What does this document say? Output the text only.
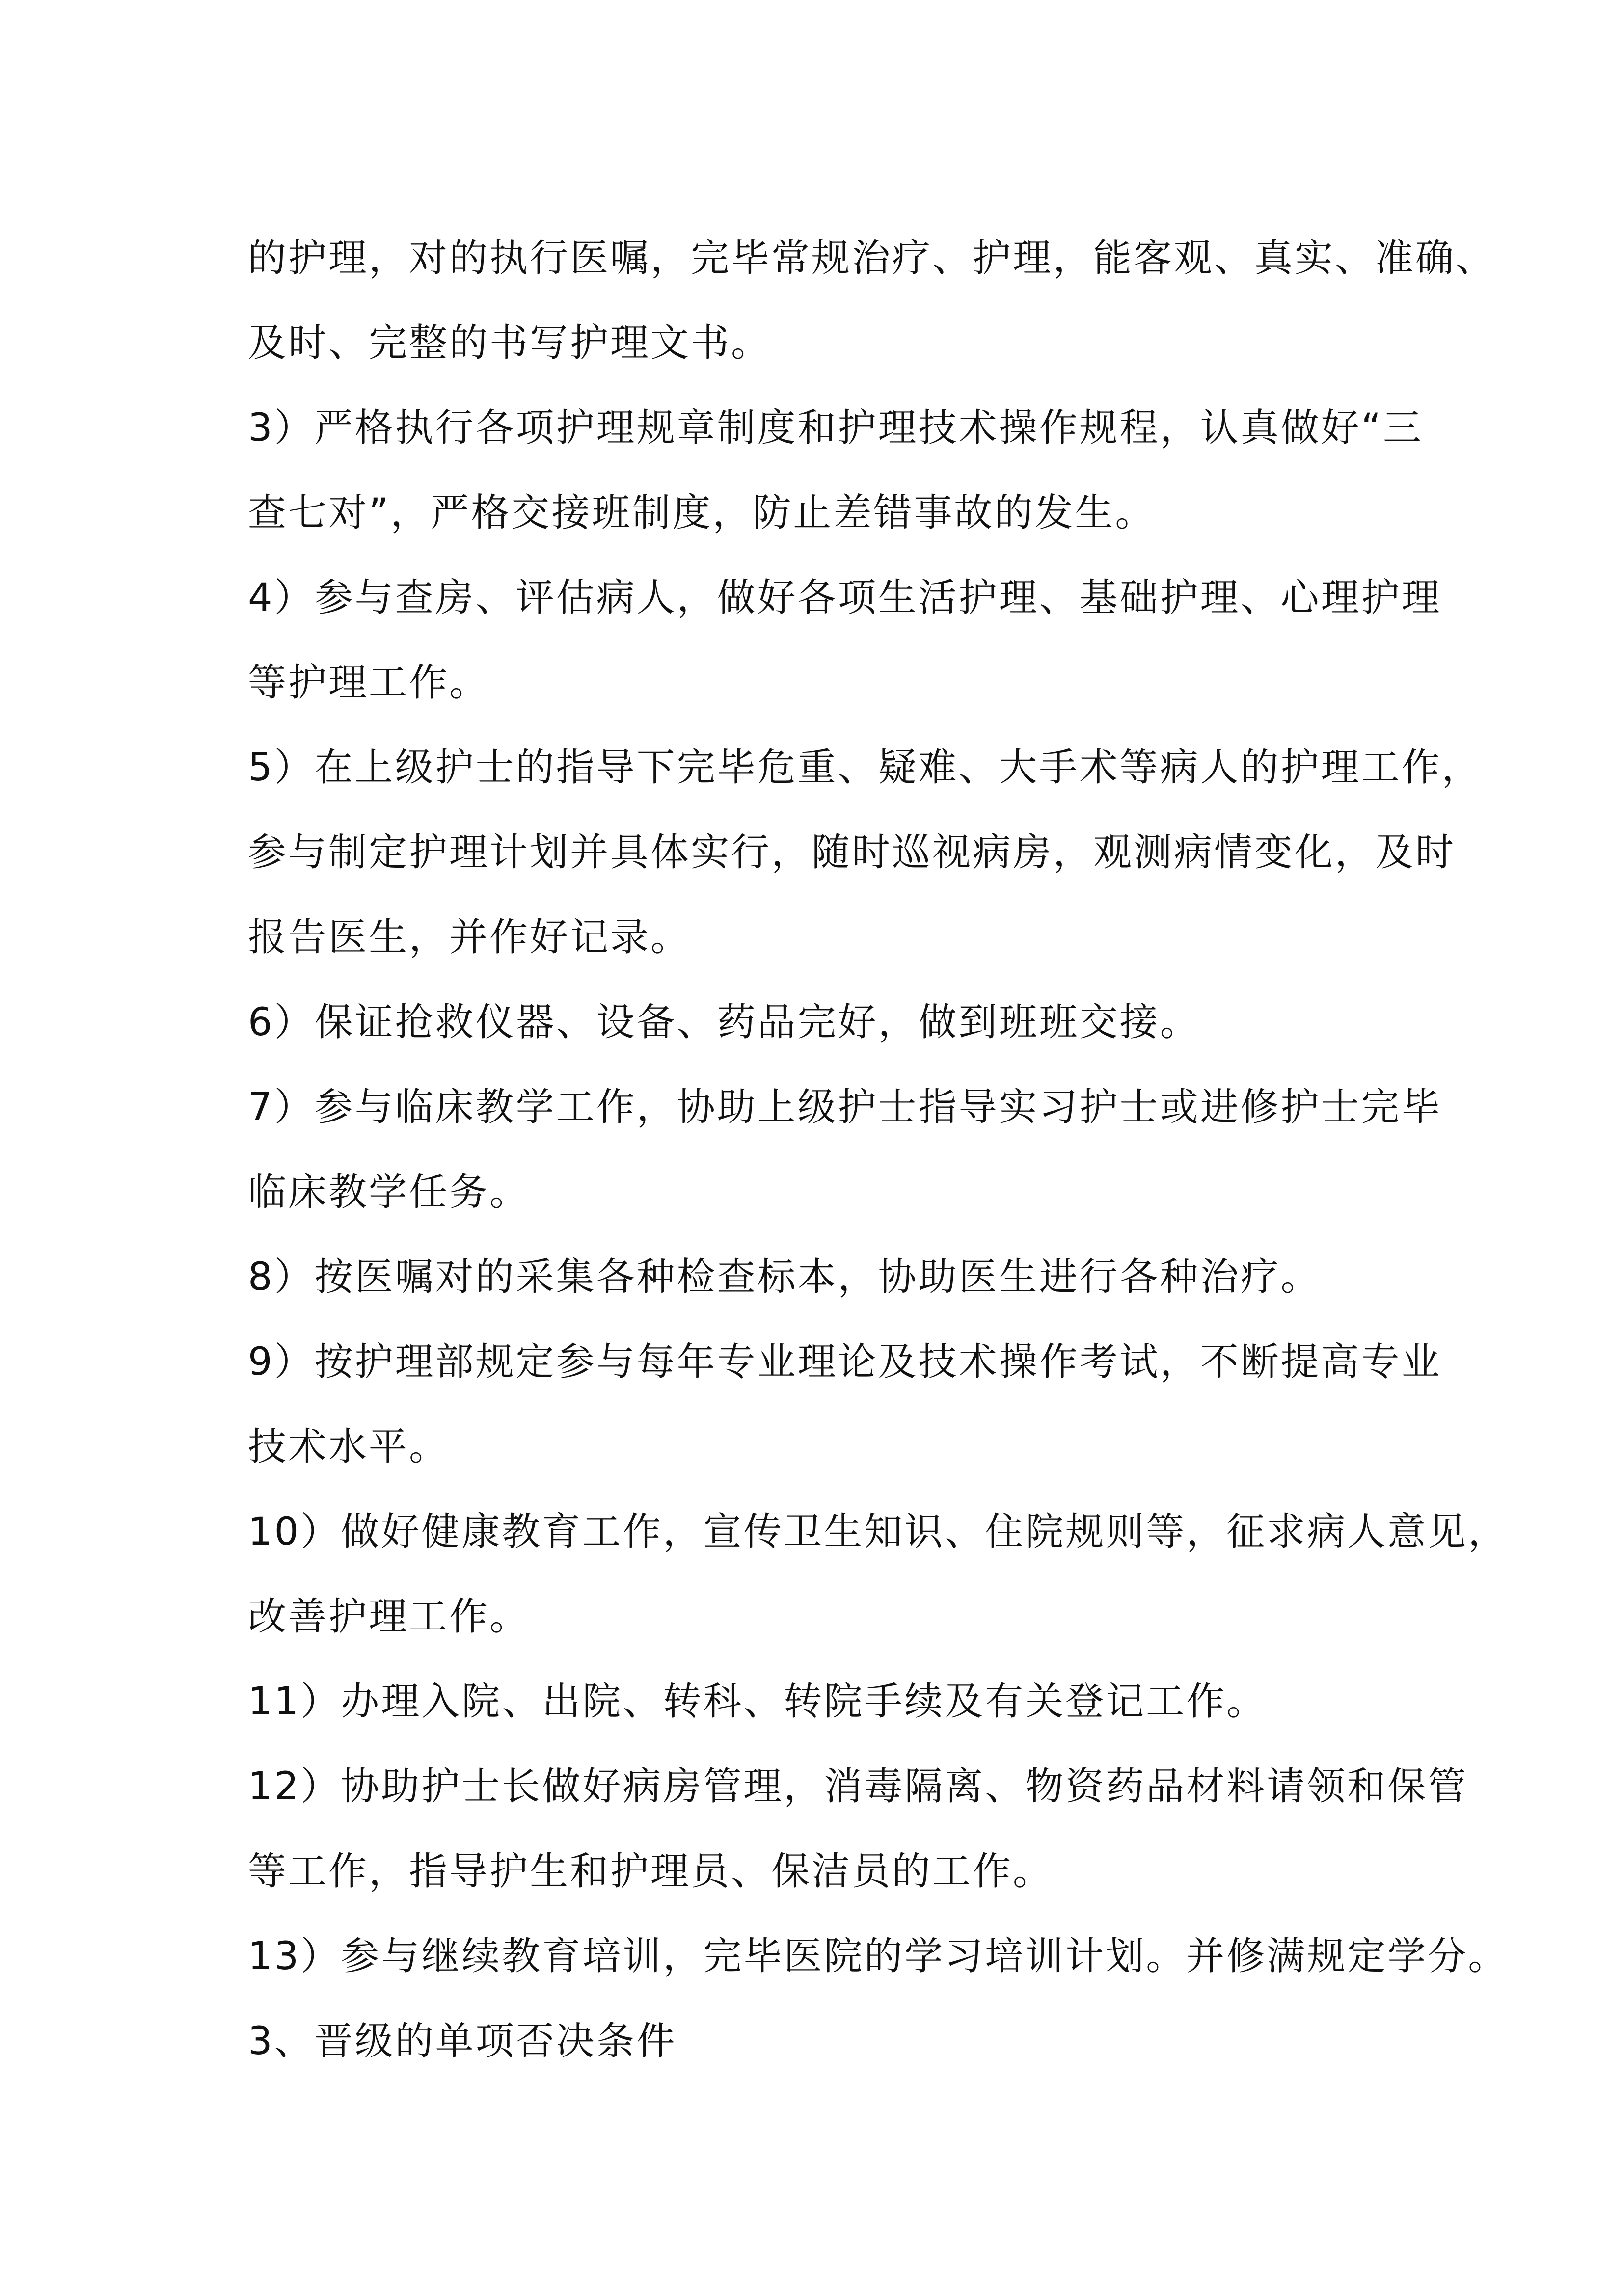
的护理，对的执行医嘱，完毕常规治疗、护理，能客观、真实、准确、
及时、完整的书写护理文书。
3）严格执行各项护理规章制度和护理技术操作规程，认真做好“三
查七对”，严格交接班制度，防止差错事故的发生。
4）参与查房、评估病人，做好各项生活护理、基础护理、心理护理
等护理工作。
5）在上级护士的指导下完毕危重、疑难、大手术等病人的护理工作，
参与制定护理计划并具体实行，随时巡视病房，观测病情变化，及时
报告医生，并作好记录。
6）保证抢救仪器、设备、药品完好，做到班班交接。
7）参与临床教学工作，协助上级护士指导实习护士或进修护士完毕
临床教学任务。
8）按医嘱对的采集各种检查标本，协助医生进行各种治疗。
9）按护理部规定参与每年专业理论及技术操作考试，不断提高专业
技术水平。
10）做好健康教育工作，宣传卫生知识、住院规则等，征求病人意见，
改善护理工作。
11）办理入院、出院、转科、转院手续及有关登记工作。
12）协助护士长做好病房管理，消毒隔离、物资药品材料请领和保管
等工作，指导护生和护理员、保洁员的工作。
13）参与继续教育培训，完毕医院的学习培训计划。并修满规定学分。
3、晋级的单项否决条件
